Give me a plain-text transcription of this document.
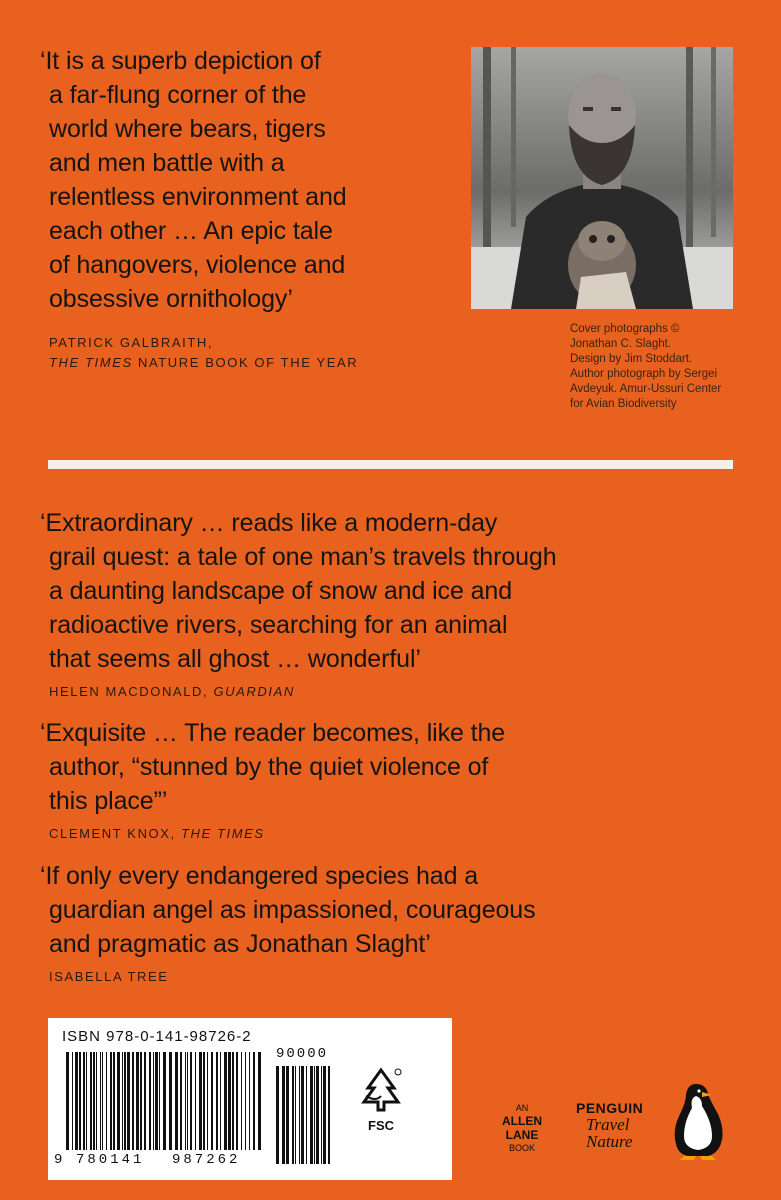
‘It is a superb depiction of
a far-flung corner of the
world where bears, tigers
and men battle with a
relentless environment and
each other … An epic tale
of hangovers, violence and
obsessive ornithology’
PATRICK GALBRAITH,
THE TIMES NATURE BOOK OF THE YEAR
Cover photographs ©
Jonathan C. Slaght.
Design by Jim Stoddart.
Author photograph by Sergei
Avdeyuk. Amur-Ussuri Center
for Avian Biodiversity
‘Extraordinary … reads like a modern-day
grail quest: a tale of one man’s travels through
a daunting landscape of snow and ice and
radioactive rivers, searching for an animal
that seems all ghost … wonderful’
HELEN MACDONALD, GUARDIAN
‘Exquisite … The reader becomes, like the
author, “stunned by the quiet violence of
this place”’
CLEMENT KNOX, THE TIMES
‘If only every endangered species had a
guardian angel as impassioned, courageous
and pragmatic as Jonathan Slaght’
ISABELLA TREE
ISBN 978-0-141-98726-2
9 780141 987262
90000
FSC
AN
ALLEN
LANE
BOOK
PENGUIN
Travel
Nature
